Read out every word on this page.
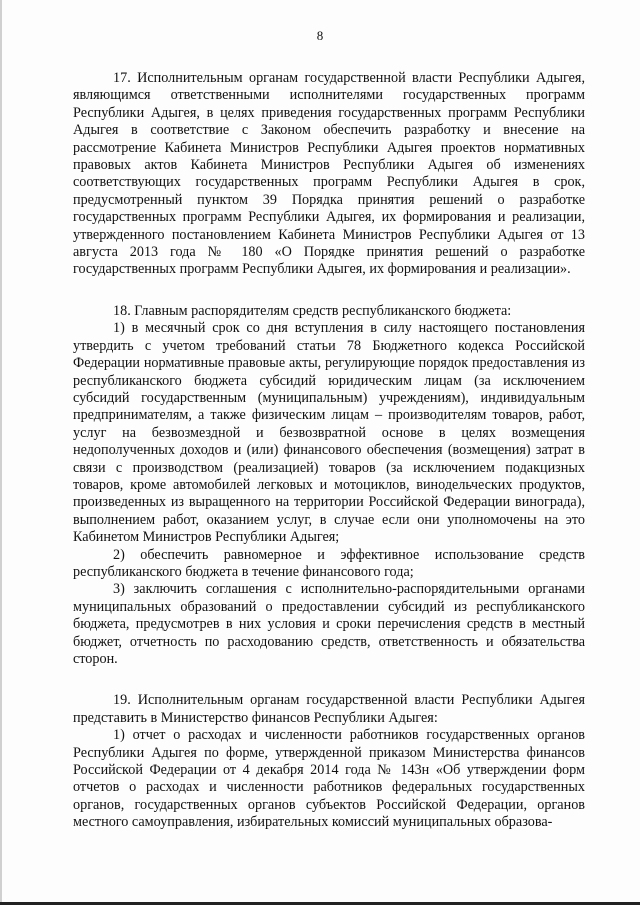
8

17. Исполнительным органам государственной власти Республики Адыгея, являющимся ответственными исполнителями государственных программ Республики Адыгея, в целях приведения государственных программ Республики Адыгея в соответствие с Законом обеспечить разработку и внесение на рассмотрение Кабинета Министров Республики Адыгея проектов нормативных правовых актов Кабинета Министров Республики Адыгея об изменениях соответствующих государственных программ Республики Адыгея в срок, предусмотренный пунктом 39 Порядка принятия решений о разработке государственных программ Республики Адыгея, их формирования и реализации, утвержденного постановлением Кабинета Министров Республики Адыгея от 13 августа 2013 года № 180 «О Порядке принятия решений о разработке государственных программ Республики Адыгея, их формирования и реализации».

18. Главным распорядителям средств республиканского бюджета:

1) в месячный срок со дня вступления в силу настоящего постановления утвердить с учетом требований статьи 78 Бюджетного кодекса Российской Федерации нормативные правовые акты, регулирующие порядок предоставления из республиканского бюджета субсидий юридическим лицам (за исключением субсидий государственным (муниципальным) учреждениям), индивидуальным предпринимателям, а также физическим лицам – производителям товаров, работ, услуг на безвозмездной и безвозвратной основе в целях возмещения недополученных доходов и (или) финансового обеспечения (возмещения) затрат в связи с производством (реализацией) товаров (за исключением подакцизных товаров, кроме автомобилей легковых и мотоциклов, винодельческих продуктов, произведенных из выращенного на территории Российской Федерации винограда), выполнением работ, оказанием услуг, в случае если они уполномочены на это Кабинетом Министров Республики Адыгея;

2) обеспечить равномерное и эффективное использование средств республиканского бюджета в течение финансового года;

3) заключить соглашения с исполнительно-распорядительными органами муниципальных образований о предоставлении субсидий из республиканского бюджета, предусмотрев в них условия и сроки перечисления средств в местный бюджет, отчетность по расходованию средств, ответственность и обязательства сторон.

19. Исполнительным органам государственной власти Республики Адыгея представить в Министерство финансов Республики Адыгея:

1) отчет о расходах и численности работников государственных органов Республики Адыгея по форме, утвержденной приказом Министерства финансов Российской Федерации от 4 декабря 2014 года № 143н «Об утверждении форм отчетов о расходах и численности работников федеральных государственных органов, государственных органов субъектов Российской Федерации, органов местного самоуправления, избирательных комиссий муниципальных образова-
